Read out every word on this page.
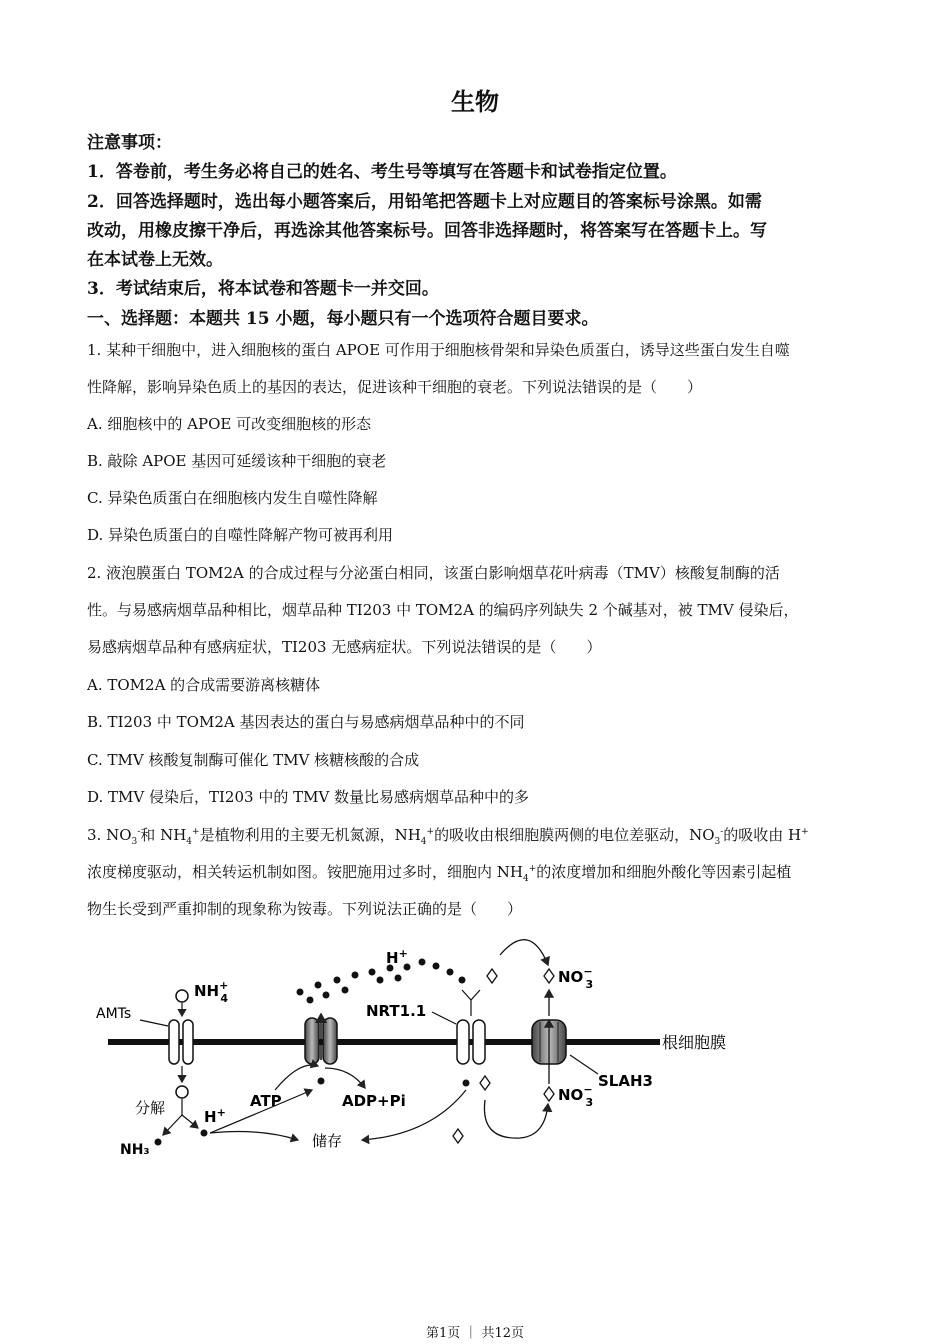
生物
注意事项：
1．答卷前，考生务必将自己的姓名、考生号等填写在答题卡和试卷指定位置。
2．回答选择题时，选出每小题答案后，用铅笔把答题卡上对应题目的答案标号涂黑。如需
改动，用橡皮擦干净后，再选涂其他答案标号。回答非选择题时，将答案写在答题卡上。写
在本试卷上无效。
3．考试结束后，将本试卷和答题卡一并交回。
一、选择题：本题共 15 小题，每小题只有一个选项符合题目要求。
1. 某种干细胞中，进入细胞核的蛋白 APOE 可作用于细胞核骨架和异染色质蛋白，诱导这些蛋白发生自噬
性降解，影响异染色质上的基因的表达，促进该种干细胞的衰老。下列说法错误的是（　　）
A. 细胞核中的 APOE 可改变细胞核的形态
B. 敲除 APOE 基因可延缓该种干细胞的衰老
C. 异染色质蛋白在细胞核内发生自噬性降解
D. 异染色质蛋白的自噬性降解产物可被再利用
2. 液泡膜蛋白 TOM2A 的合成过程与分泌蛋白相同，该蛋白影响烟草花叶病毒（TMV）核酸复制酶的活
性。与易感病烟草品种相比，烟草品种 TI203 中 TOM2A 的编码序列缺失 2 个碱基对，被 TMV 侵染后，
易感病烟草品种有感病症状，TI203 无感病症状。下列说法错误的是（　　）
A. TOM2A 的合成需要游离核糖体
B. TI203 中 TOM2A 基因表达的蛋白与易感病烟草品种中的不同
C. TMV 核酸复制酶可催化 TMV 核糖核酸的合成
D. TMV 侵染后，TI203 中的 TMV 数量比易感病烟草品种中的多
3. $NO_3^-$和 $NH_4^+$是植物利用的主要无机氮源，$NH_4^+$的吸收由根细胞膜两侧的电位差驱动，$NO_3^-$的吸收由 H+
浓度梯度驱动，相关转运机制如图。铵肥施用过多时，细胞内 $NH_4^+$的浓度增加和细胞外酸化等因素引起植
物生长受到严重抑制的现象称为铵毒。下列说法正确的是（　　）
根细胞膜
AMTs
NH+ 4
分解
NH₃
H+
ATP	ADP+Pi
H+
NRT1.1
SLAH3
NO− 3
NO− 3
储存
第1页 ｜ 共12页
